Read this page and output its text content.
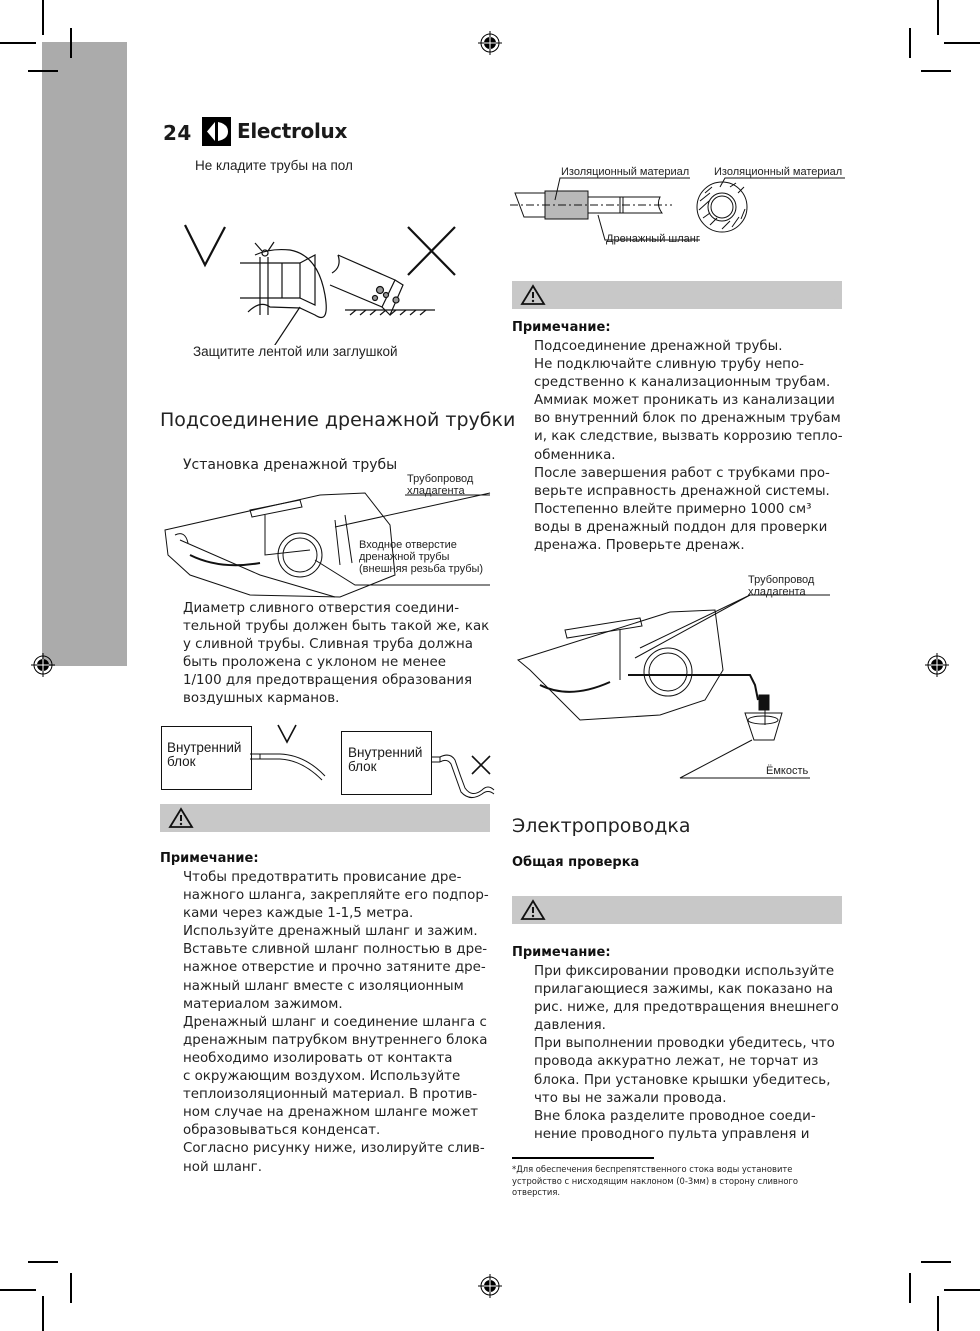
24 Electrolux
Не кладите трубы на пол
Защитите лентой или заглушкой
Подсоединение дренажной трубки
Установка дренажной трубы
Трубопровод
хладагента
Входное отверстие
дренажной трубы
(внешняя резьба трубы)
Диаметр сливного отверстия соедини-
тельной трубы должен быть такой же, как
у сливной трубы. Сливная труба должна
быть проложена с уклоном не менее
1/100 для предотвращения образования
воздушных карманов.
Внутренний
блок
Внутренний
блок
Примечание:
Чтобы предотвратить провисание дре-
нажного шланга, закрепляйте его подпор-
ками через каждые 1-1,5 метра.
Используйте дренажный шланг и зажим.
Вставьте сливной шланг полностью в дре-
нажное отверстие и прочно затяните дре-
нажный шланг вместе с изоляционным
материалом зажимом.
Дренажный шланг и соединение шланга с
дренажным патрубком внутреннего блока
необходимо изолировать от контакта
с окружающим воздухом. Используйте
теплоизоляционный материал. В против-
ном случае на дренажном шланге может
образовываться конденсат.
Согласно рисунку ниже, изолируйте слив-
ной шланг.
Изоляционный материал Изоляционный материал
Дренажный шланг
Примечание:
Подсоединение дренажной трубы.
Не подключайте сливную трубу непо-
средственно к канализационным трубам.
Аммиак может проникать из канализации
во внутренний блок по дренажным трубам
и, как следствие, вызвать коррозию тепло-
обменника.
После завершения работ с трубками про-
верьте исправность дренажной системы.
Постепенно влейте примерно 1000 см³
воды в дренажный поддон для проверки
дренажа. Проверьте дренаж.
Трубопровод
хладагента
Ёмкость
Электропроводка
Общая проверка
Примечание:
При фиксировании проводки используйте
прилагающиеся зажимы, как показано на
рис. ниже, для предотвращения внешнего
давления.
При выполнении проводки убедитесь, что
провода аккуратно лежат, не торчат из
блока. При установке крышки убедитесь,
что вы не зажали провода.
Вне блока разделите проводное соеди-
нение проводного пульта управленя и
*Для обеспечения беспрепятственного стока воды установите
устройство с нисходящим наклоном (0-3мм) в сторону сливного
отверстия.
